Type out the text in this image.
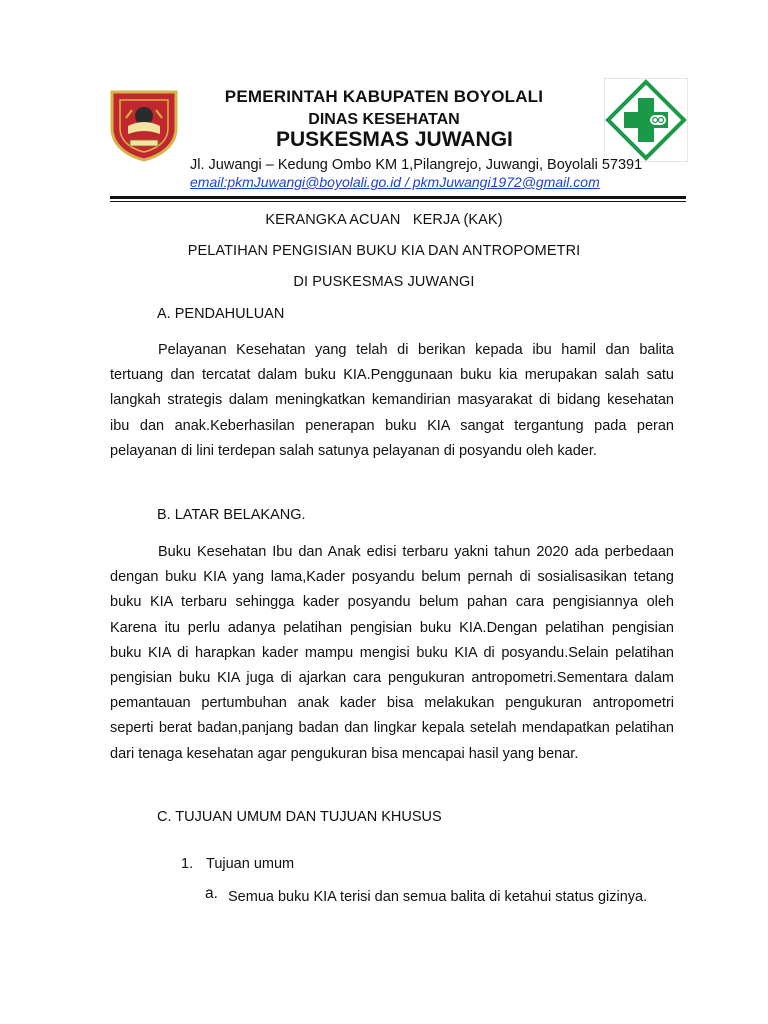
PEMERINTAH KABUPATEN BOYOLALI
DINAS KESEHATAN
PUSKESMAS JUWANGI
Jl. Juwangi – Kedung Ombo KM 1,Pilangrejo, Juwangi, Boyolali 57391
email:pkmJuwangi@boyolali.go.id / pkmJuwangi1972@gmail.com
KERANGKA ACUAN   KERJA (KAK)
PELATIHAN PENGISIAN BUKU KIA DAN ANTROPOMETRI
DI PUSKESMAS JUWANGI
A. PENDAHULUAN
Pelayanan Kesehatan yang telah di berikan kepada ibu hamil dan balita tertuang dan tercatat dalam buku KIA.Penggunaan buku kia merupakan salah satu langkah strategis dalam meningkatkan kemandirian masyarakat di bidang kesehatan ibu dan anak.Keberhasilan penerapan buku KIA sangat tergantung pada peran pelayanan di lini terdepan salah satunya pelayanan di posyandu oleh kader.
B. LATAR BELAKANG.
Buku Kesehatan Ibu dan Anak edisi terbaru yakni tahun 2020 ada perbedaan dengan buku KIA yang lama,Kader posyandu belum pernah di sosialisasikan tetang buku KIA terbaru sehingga kader posyandu belum pahan cara pengisiannya oleh Karena itu perlu adanya pelatihan pengisian buku KIA.Dengan pelatihan pengisian buku KIA di harapkan kader mampu mengisi buku KIA di posyandu.Selain pelatihan pengisian buku KIA juga di ajarkan cara pengukuran antropometri.Sementara dalam pemantauan pertumbuhan anak kader bisa melakukan pengukuran antropometri seperti berat badan,panjang badan dan lingkar kepala setelah mendapatkan pelatihan dari tenaga kesehatan agar pengukuran bisa mencapai hasil yang benar.
C. TUJUAN UMUM DAN TUJUAN KHUSUS
1. Tujuan umum
a. Semua buku KIA terisi dan semua balita di ketahui status gizinya.
